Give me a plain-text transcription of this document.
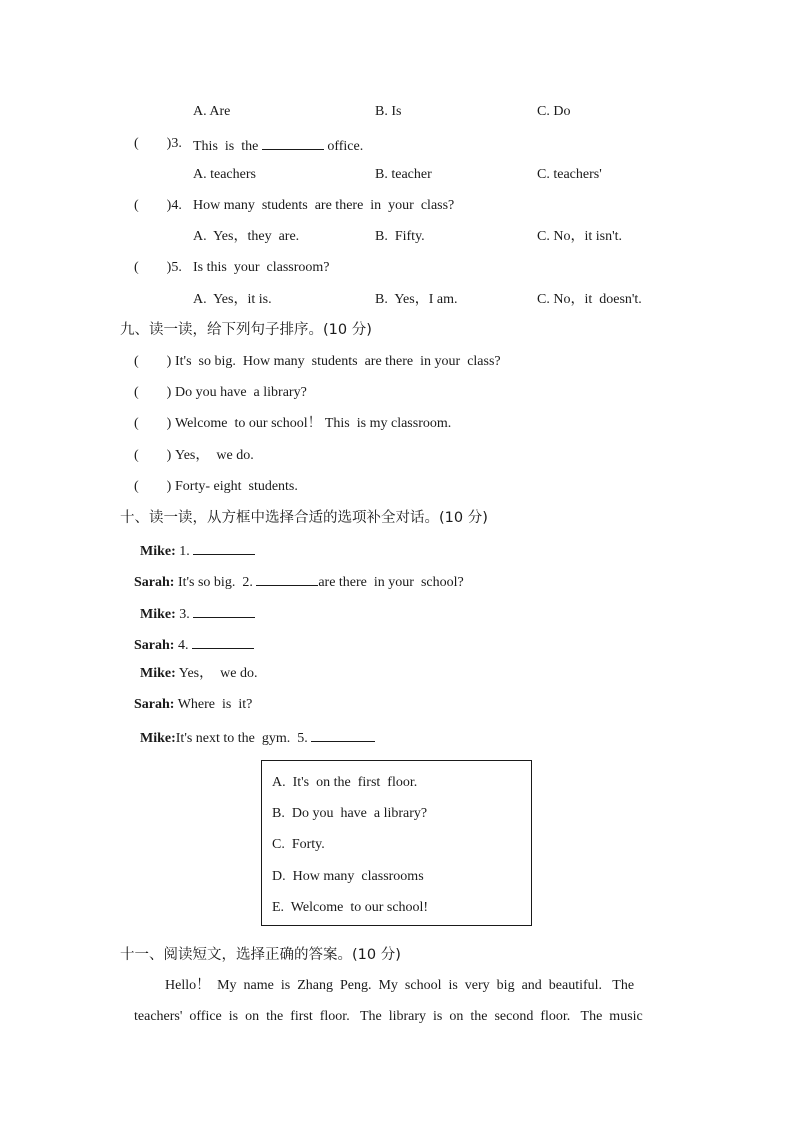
A. Are	B. Is	C. Do
(        )3. This  is  the	office.
A. teachers	B. teacher	C. teachers'
(        )4. How many  students  are there  in  your  class?
A.  Yes，they  are.	B.  Fifty.	C. No，it isn't.
(        )5. Is this  your  classroom?
A.  Yes，it is.	B.  Yes，I am.	C. No，it  doesn't.
九、读一读，给下列句子排序。(10 分)
(        ) It's  so big.  How many  students  are there  in your  class?
(        ) Do you have  a library?
(        ) Welcome  to our school！ This  is my classroom.
(        ) Yes，  we do.
(        ) Forty- eight  students.
十、读一读，从方框中选择合适的选项补全对话。(10 分)
Mike: 1.
Sarah: It's so big.  2.	are there  in your  school?
Mike: 3.
Sarah: 4.
Mike: Yes，  we do.
Sarah: Where  is  it?
Mike:It's next to the  gym.  5.
A.  It's  on the  first  floor.
B.  Do you  have  a library?
C.  Forty.
D.  How many  classrooms
E.  Welcome  to our school!
十一、阅读短文，选择正确的答案。(10 分)
Hello！  My  name  is  Zhang  Peng.  My  school  is  very  big  and  beautiful.   The
teachers'  office  is  on  the  first  floor.   The  library  is  on  the  second  floor.   The  music
